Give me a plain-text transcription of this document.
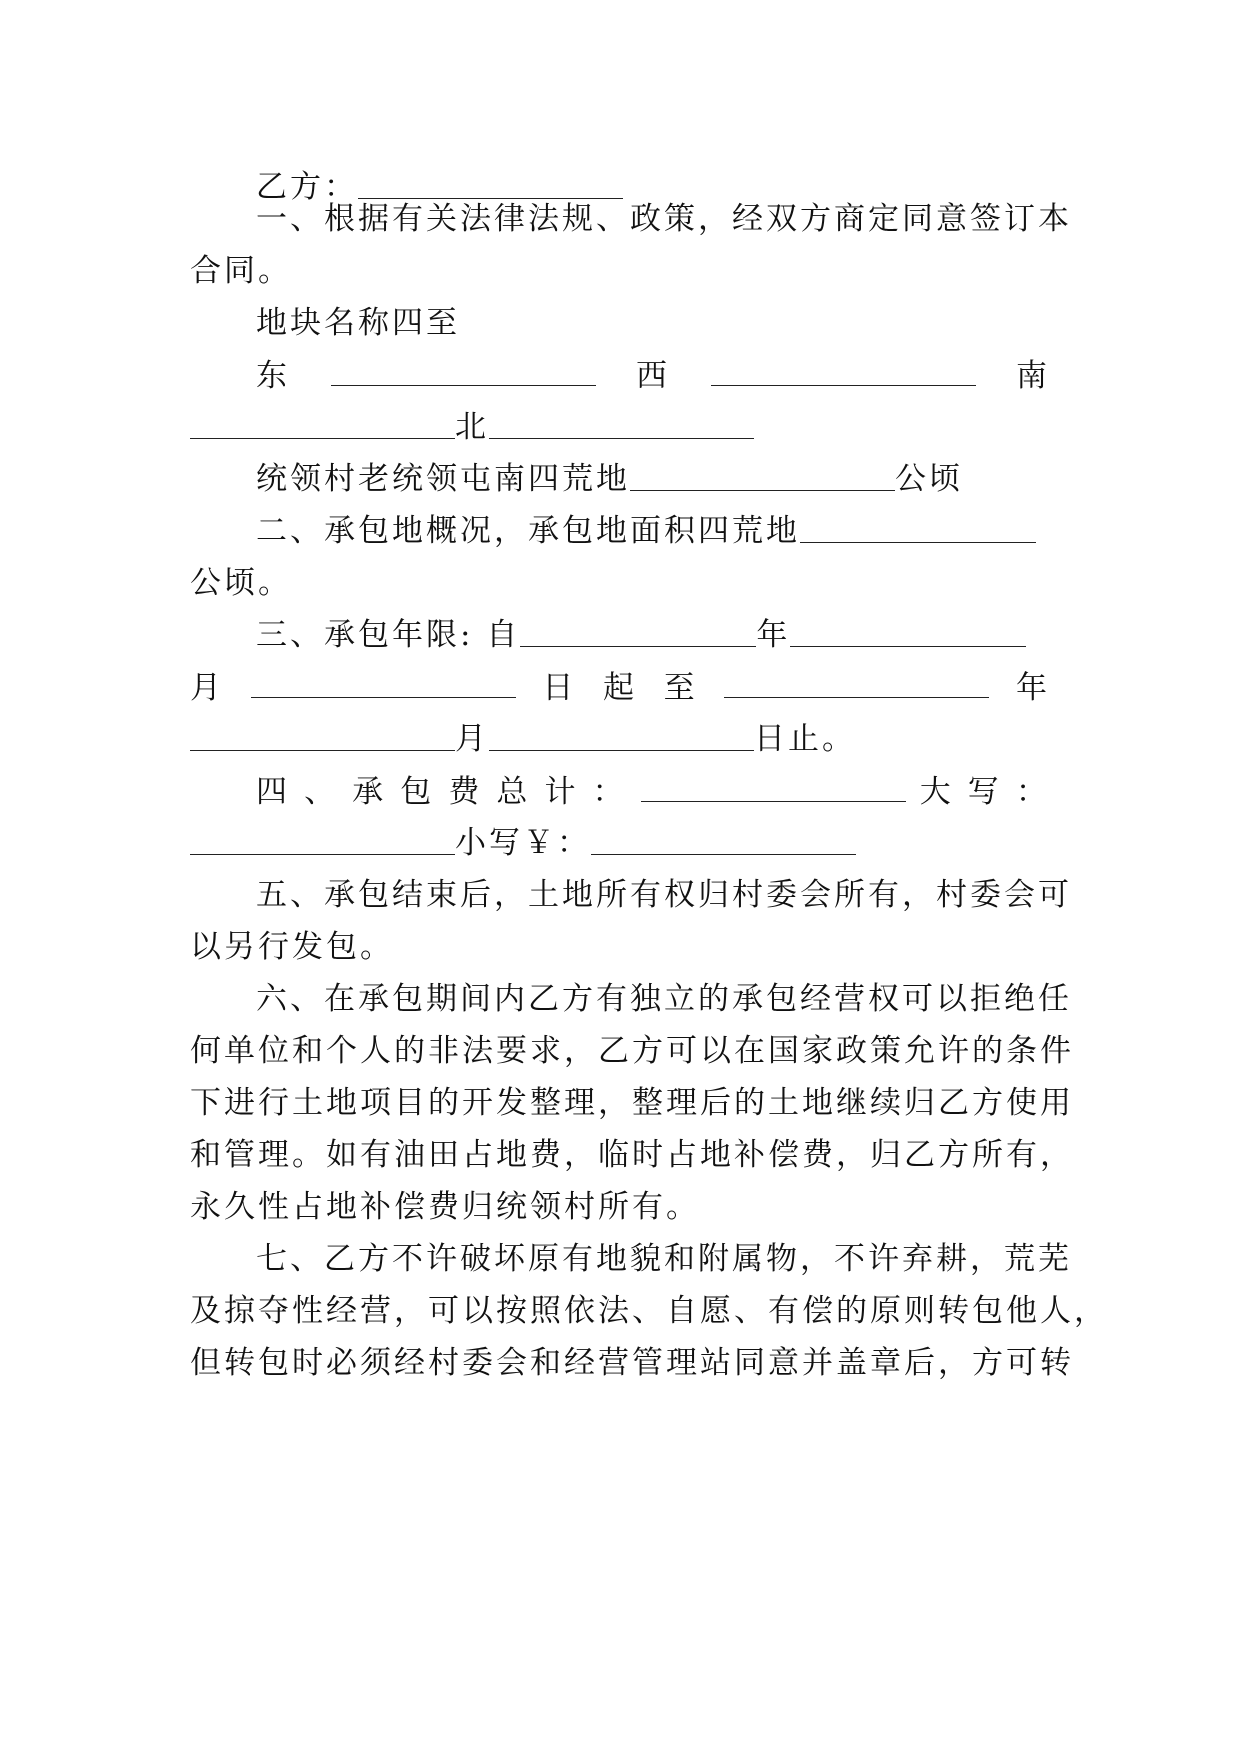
乙方：
一、根据有关法律法规、政策，经双方商定同意签订本
合同。
地块名称四至
东	西	南
北
统领村老统领屯南四荒地	公顷
二、承包地概况，承包地面积四荒地
公顷。
三、承包年限: 自	年
月	日 起 至	年
月	日止。
四 、 承 包 费 总 计 ：	大 写 ：
小写￥：
五、承包结束后，土地所有权归村委会所有，村委会可
以另行发包。
六、在承包期间内乙方有独立的承包经营权可以拒绝任
何单位和个人的非法要求，乙方可以在国家政策允许的条件
下进行土地项目的开发整理，整理后的土地继续归乙方使用
和管理。如有油田占地费，临时占地补偿费，归乙方所有，
永久性占地补偿费归统领村所有。
七、乙方不许破坏原有地貌和附属物，不许弃耕，荒芜
及掠夺性经营，可以按照依法、自愿、有偿的原则转包他人，
但转包时必须经村委会和经营管理站同意并盖章后，方可转
